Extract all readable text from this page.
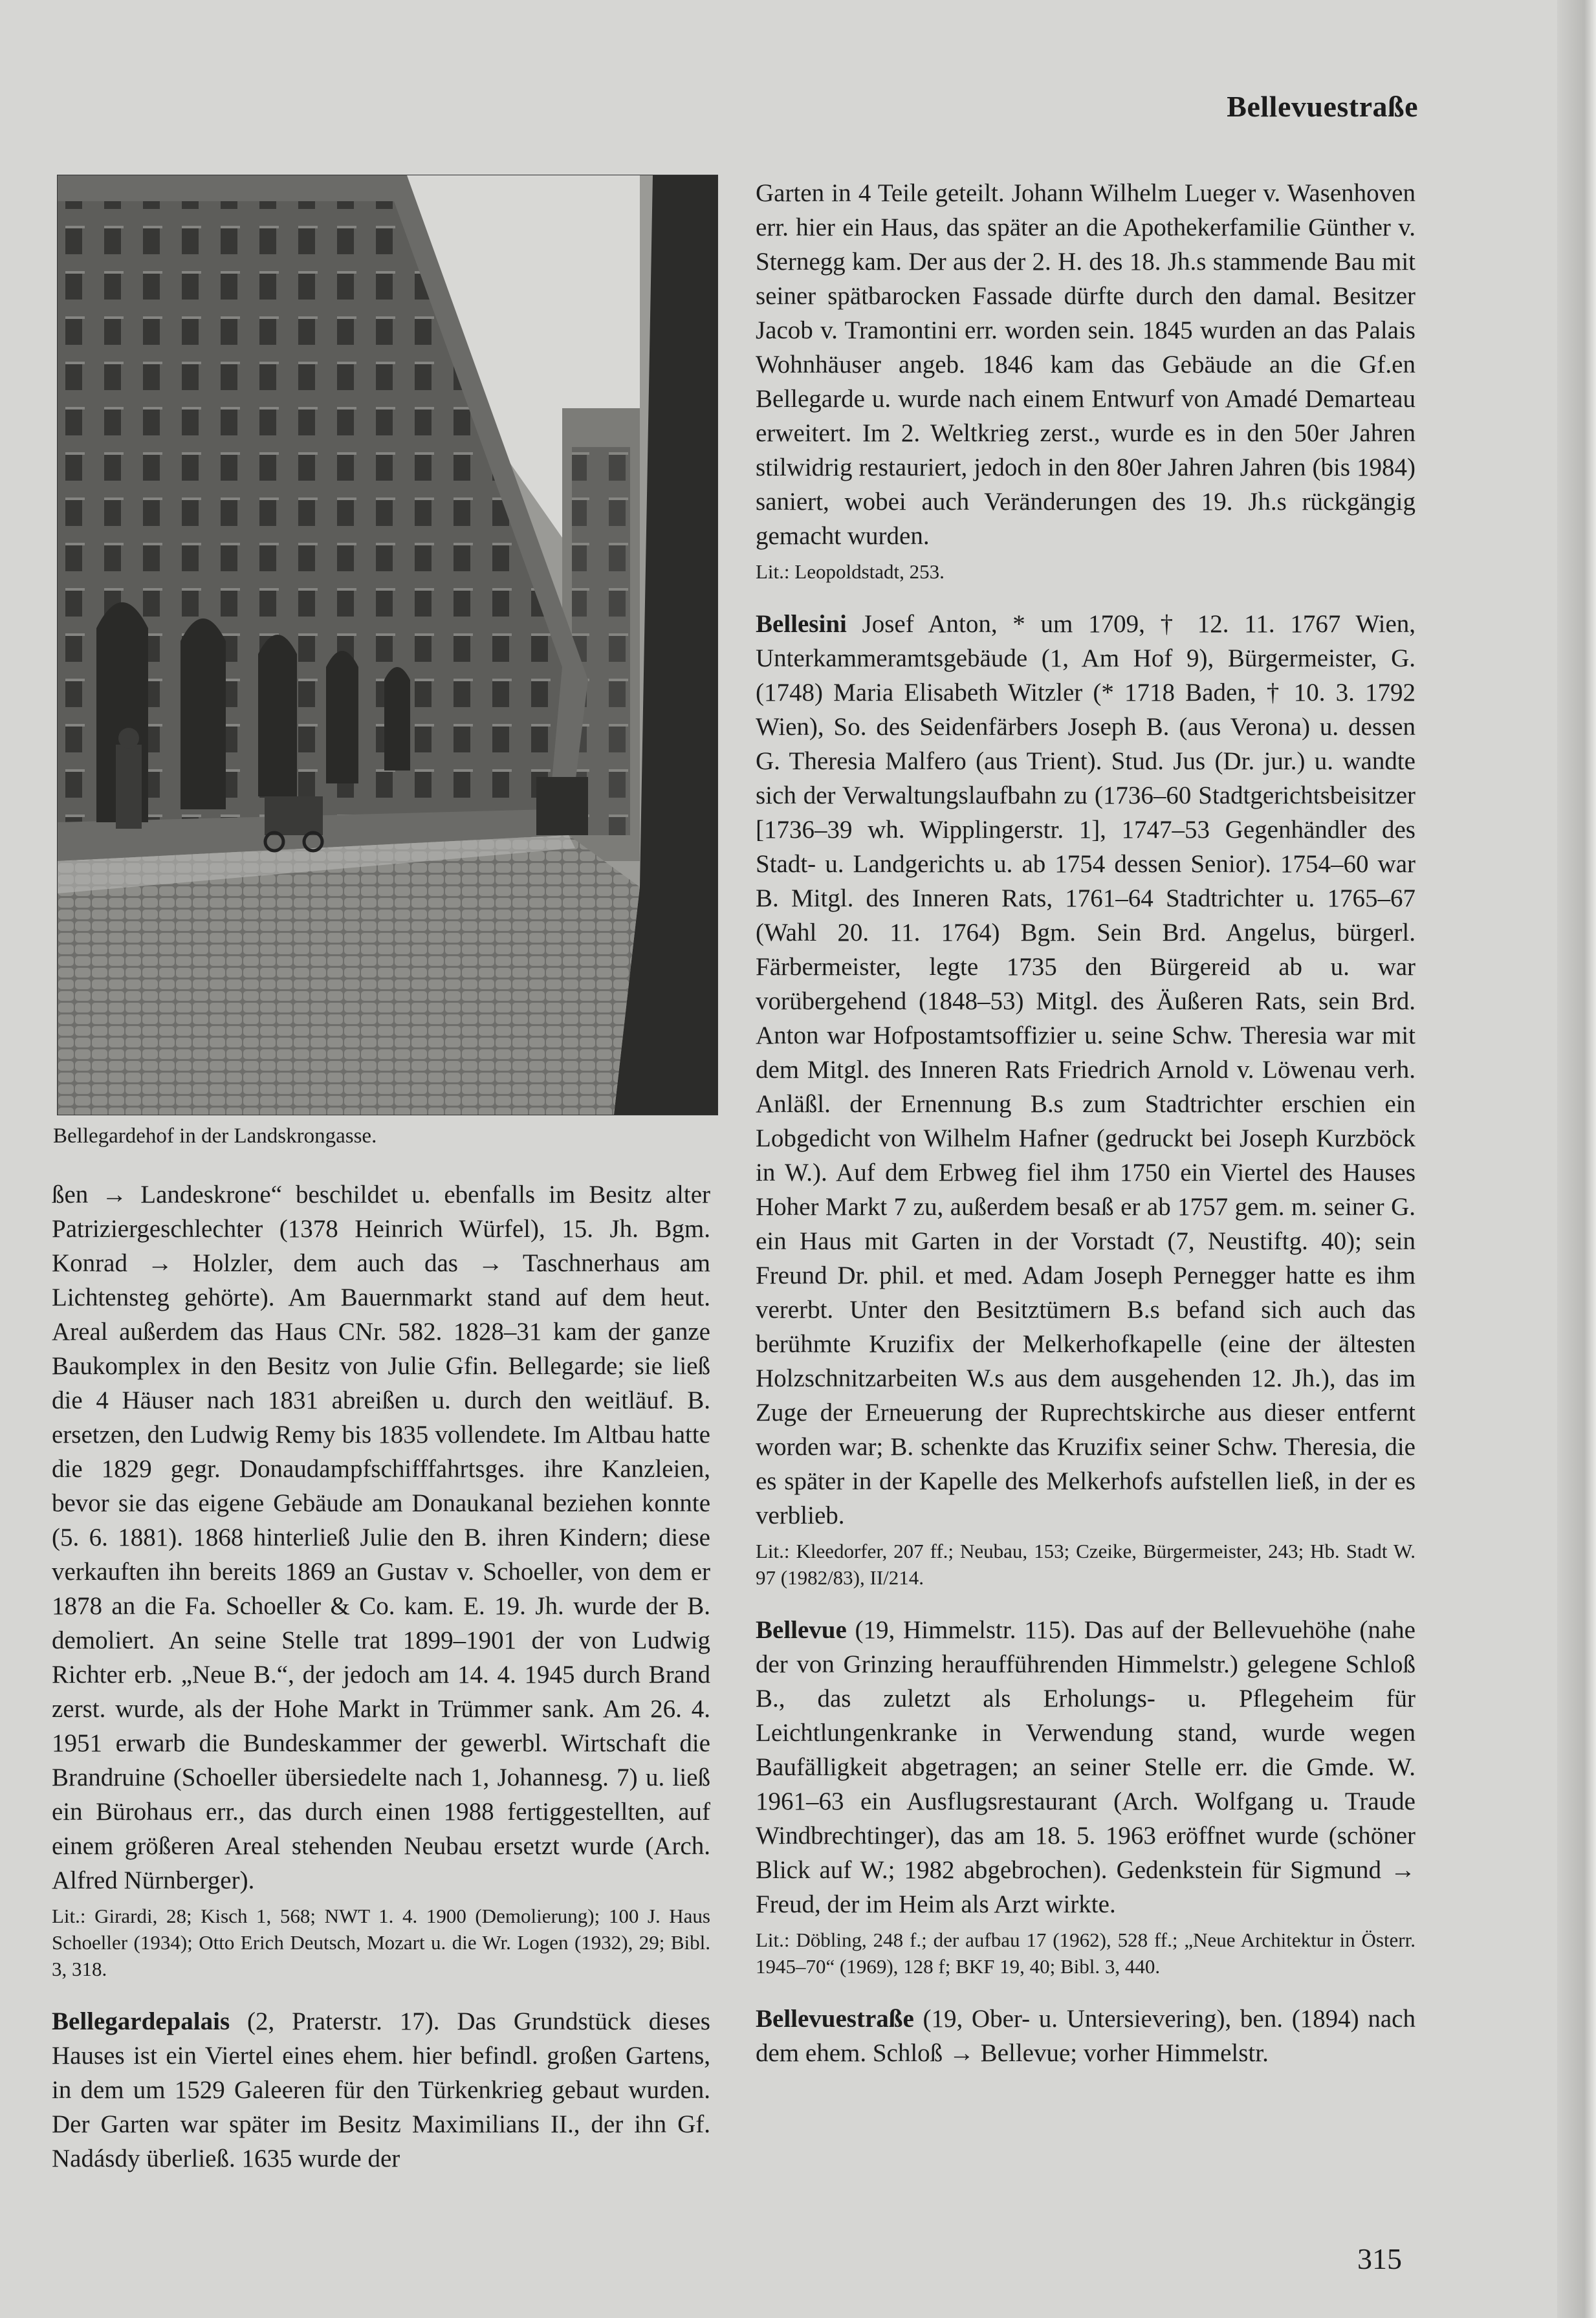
Bellevuestraße
Bellegardehof in der Landskrongasse.

ßen → Landeskrone“ beschildet u. ebenfalls im Besitz alter Patriziergeschlechter (1378 Heinrich Würfel), 15. Jh. Bgm. Konrad → Holzler, dem auch das → Taschnerhaus am Lichtensteg gehörte). Am Bauernmarkt stand auf dem heut. Areal außerdem das Haus CNr. 582. 1828–31 kam der ganze Baukomplex in den Besitz von Julie Gfin. Bellegarde; sie ließ die 4 Häuser nach 1831 abreißen u. durch den weitläuf. B. ersetzen, den Ludwig Remy bis 1835 vollendete. Im Altbau hatte die 1829 gegr. Donaudampfschifffahrtsges. ihre Kanzleien, bevor sie das eigene Gebäude am Donaukanal beziehen konnte (5. 6. 1881). 1868 hinterließ Julie den B. ihren Kindern; diese verkauften ihn bereits 1869 an Gustav v. Schoeller, von dem er 1878 an die Fa. Schoeller & Co. kam. E. 19. Jh. wurde der B. demoliert. An seine Stelle trat 1899–1901 der von Ludwig Richter erb. „Neue B.“, der jedoch am 14. 4. 1945 durch Brand zerst. wurde, als der Hohe Markt in Trümmer sank. Am 26. 4. 1951 erwarb die Bundeskammer der gewerbl. Wirtschaft die Brandruine (Schoeller übersiedelte nach 1, Johannesg. 7) u. ließ ein Bürohaus err., das durch einen 1988 fertiggestellten, auf einem größeren Areal stehenden Neubau ersetzt wurde (Arch. Alfred Nürnberger).

Lit.: Girardi, 28; Kisch 1, 568; NWT 1. 4. 1900 (Demolierung); 100 J. Haus Schoeller (1934); Otto Erich Deutsch, Mozart u. die Wr. Logen (1932), 29; Bibl. 3, 318.

Bellegardepalais (2, Praterstr. 17). Das Grundstück dieses Hauses ist ein Viertel eines ehem. hier befindl. großen Gartens, in dem um 1529 Galeeren für den Türkenkrieg gebaut wurden. Der Garten war später im Besitz Maximilians II., der ihn Gf. Nadásdy überließ. 1635 wurde der

Garten in 4 Teile geteilt. Johann Wilhelm Lueger v. Wasenhoven err. hier ein Haus, das später an die Apothekerfamilie Günther v. Sternegg kam. Der aus der 2. H. des 18. Jh.s stammende Bau mit seiner spätbarocken Fassade dürfte durch den damal. Besitzer Jacob v. Tramontini err. worden sein. 1845 wurden an das Palais Wohnhäuser angeb. 1846 kam das Gebäude an die Gf.en Bellegarde u. wurde nach einem Entwurf von Amadé Demarteau erweitert. Im 2. Weltkrieg zerst., wurde es in den 50er Jahren stilwidrig restauriert, jedoch in den 80er Jahren Jahren (bis 1984) saniert, wobei auch Veränderungen des 19. Jh.s rückgängig gemacht wurden.

Lit.: Leopoldstadt, 253.

Bellesini Josef Anton, * um 1709, † 12. 11. 1767 Wien, Unterkammeramtsgebäude (1, Am Hof 9), Bürgermeister, G. (1748) Maria Elisabeth Witzler (* 1718 Baden, † 10. 3. 1792 Wien), So. des Seidenfärbers Joseph B. (aus Verona) u. dessen G. Theresia Malfero (aus Trient). Stud. Jus (Dr. jur.) u. wandte sich der Verwaltungslaufbahn zu (1736–60 Stadtgerichtsbeisitzer [1736–39 wh. Wipplingerstr. 1], 1747–53 Gegenhändler des Stadt- u. Landgerichts u. ab 1754 dessen Senior). 1754–60 war B. Mitgl. des Inneren Rats, 1761–64 Stadtrichter u. 1765–67 (Wahl 20. 11. 1764) Bgm. Sein Brd. Angelus, bürgerl. Färbermeister, legte 1735 den Bürgereid ab u. war vorübergehend (1848–53) Mitgl. des Äußeren Rats, sein Brd. Anton war Hofpostamtsoffizier u. seine Schw. Theresia war mit dem Mitgl. des Inneren Rats Friedrich Arnold v. Löwenau verh. Anläßl. der Ernennung B.s zum Stadtrichter erschien ein Lobgedicht von Wilhelm Hafner (gedruckt bei Joseph Kurzböck in W.). Auf dem Erbweg fiel ihm 1750 ein Viertel des Hauses Hoher Markt 7 zu, außerdem besaß er ab 1757 gem. m. seiner G. ein Haus mit Garten in der Vorstadt (7, Neustiftg. 40); sein Freund Dr. phil. et med. Adam Joseph Pernegger hatte es ihm vererbt. Unter den Besitztümern B.s befand sich auch das berühmte Kruzifix der Melkerhofkapelle (eine der ältesten Holzschnitzarbeiten W.s aus dem ausgehenden 12. Jh.), das im Zuge der Erneuerung der Ruprechtskirche aus dieser entfernt worden war; B. schenkte das Kruzifix seiner Schw. Theresia, die es später in der Kapelle des Melkerhofs aufstellen ließ, in der es verblieb.

Lit.: Kleedorfer, 207 ff.; Neubau, 153; Czeike, Bürgermeister, 243; Hb. Stadt W. 97 (1982/83), II/214.

Bellevue (19, Himmelstr. 115). Das auf der Bellevuehöhe (nahe der von Grinzing heraufführenden Himmelstr.) gelegene Schloß B., das zuletzt als Erholungs- u. Pflegeheim für Leichtlungenkranke in Verwendung stand, wurde wegen Baufälligkeit abgetragen; an seiner Stelle err. die Gmde. W. 1961–63 ein Ausflugsrestaurant (Arch. Wolfgang u. Traude Windbrechtinger), das am 18. 5. 1963 eröffnet wurde (schöner Blick auf W.; 1982 abgebrochen). Gedenkstein für Sigmund → Freud, der im Heim als Arzt wirkte.

Lit.: Döbling, 248 f.; der aufbau 17 (1962), 528 ff.; „Neue Architektur in Österr. 1945–70“ (1969), 128 f; BKF 19, 40; Bibl. 3, 440.

Bellevuestraße (19, Ober- u. Untersievering), ben. (1894) nach dem ehem. Schloß → Bellevue; vorher Himmelstr.

315
